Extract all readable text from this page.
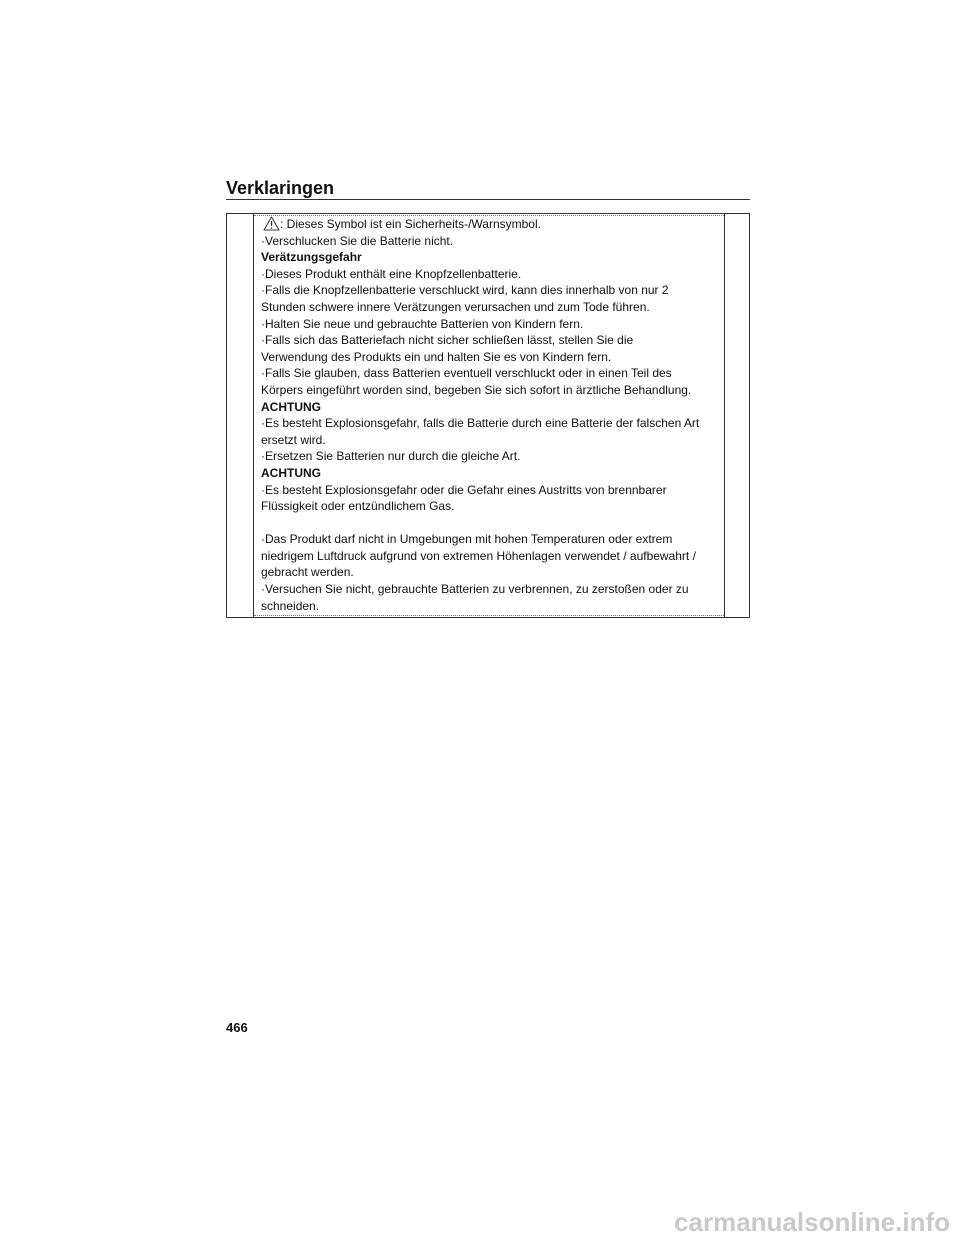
Verklaringen
: Dieses Symbol ist ein Sicherheits-/Warnsymbol.
·Verschlucken Sie die Batterie nicht.
Verätzungsgefahr
·Dieses Produkt enthält eine Knopfzellenbatterie.
·Falls die Knopfzellenbatterie verschluckt wird, kann dies innerhalb von nur 2
Stunden schwere innere Verätzungen verursachen und zum Tode führen.
·Halten Sie neue und gebrauchte Batterien von Kindern fern.
·Falls sich das Batteriefach nicht sicher schließen lässt, stellen Sie die
Verwendung des Produkts ein und halten Sie es von Kindern fern.
·Falls Sie glauben, dass Batterien eventuell verschluckt oder in einen Teil des
Körpers eingeführt worden sind, begeben Sie sich sofort in ärztliche Behandlung.
ACHTUNG
·Es besteht Explosionsgefahr, falls die Batterie durch eine Batterie der falschen Art
ersetzt wird.
·Ersetzen Sie Batterien nur durch die gleiche Art.
ACHTUNG
·Es besteht Explosionsgefahr oder die Gefahr eines Austritts von brennbarer
Flüssigkeit oder entzündlichem Gas.
·Das Produkt darf nicht in Umgebungen mit hohen Temperaturen oder extrem
niedrigem Luftdruck aufgrund von extremen Höhenlagen verwendet / aufbewahrt /
gebracht werden.
·Versuchen Sie nicht, gebrauchte Batterien zu verbrennen, zu zerstoßen oder zu
schneiden.
466
carmanualsonline.info
